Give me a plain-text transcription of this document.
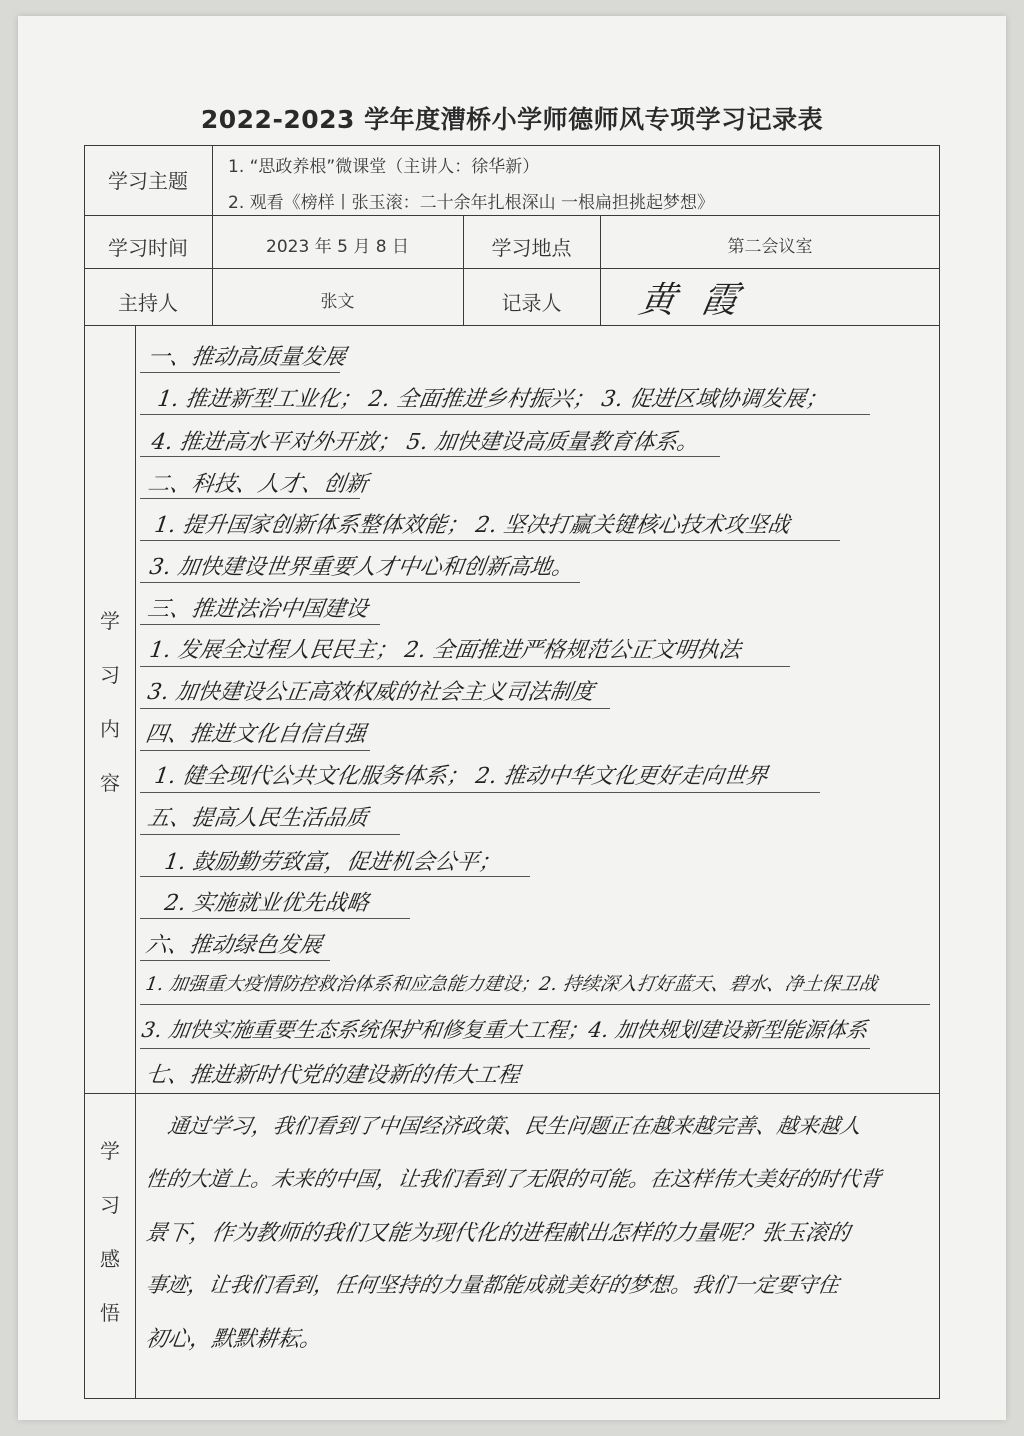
2022-2023 学年度漕桥小学师德师风专项学习记录表
学习主题
1. “思政养根”微课堂（主讲人：徐华新）
2. 观看《榜样丨张玉滚：二十余年扎根深山 一根扁担挑起梦想》
学习时间	2023 年 5 月 8 日	学习地点	第二会议室
主持人	张文	记录人	黄霞
学
习
内
容
一、推动高质量发展
1. 推进新型工业化； 2. 全面推进乡村振兴； 3. 促进区域协调发展；
4. 推进高水平对外开放； 5. 加快建设高质量教育体系。
二、科技、人才、创新
1. 提升国家创新体系整体效能； 2. 坚决打赢关键核心技术攻坚战
3. 加快建设世界重要人才中心和创新高地。
三、推进法治中国建设
1. 发展全过程人民民主； 2. 全面推进严格规范公正文明执法
3. 加快建设公正高效权威的社会主义司法制度
四、推进文化自信自强
1. 健全现代公共文化服务体系； 2. 推动中华文化更好走向世界
五、提高人民生活品质
1. 鼓励勤劳致富，促进机会公平；
2. 实施就业优先战略
六、推动绿色发展
1. 加强重大疫情防控救治体系和应急能力建设；2. 持续深入打好蓝天、碧水、净土保卫战
3. 加快实施重要生态系统保护和修复重大工程；4. 加快规划建设新型能源体系
七、推进新时代党的建设新的伟大工程
学
习
感
悟
通过学习，我们看到了中国经济政策、民生问题正在越来越完善、越来越人
性的大道上。未来的中国，让我们看到了无限的可能。在这样伟大美好的时代背
景下，作为教师的我们又能为现代化的进程献出怎样的力量呢？张玉滚的
事迹，让我们看到，任何坚持的力量都能成就美好的梦想。我们一定要守住
初心，默默耕耘。
